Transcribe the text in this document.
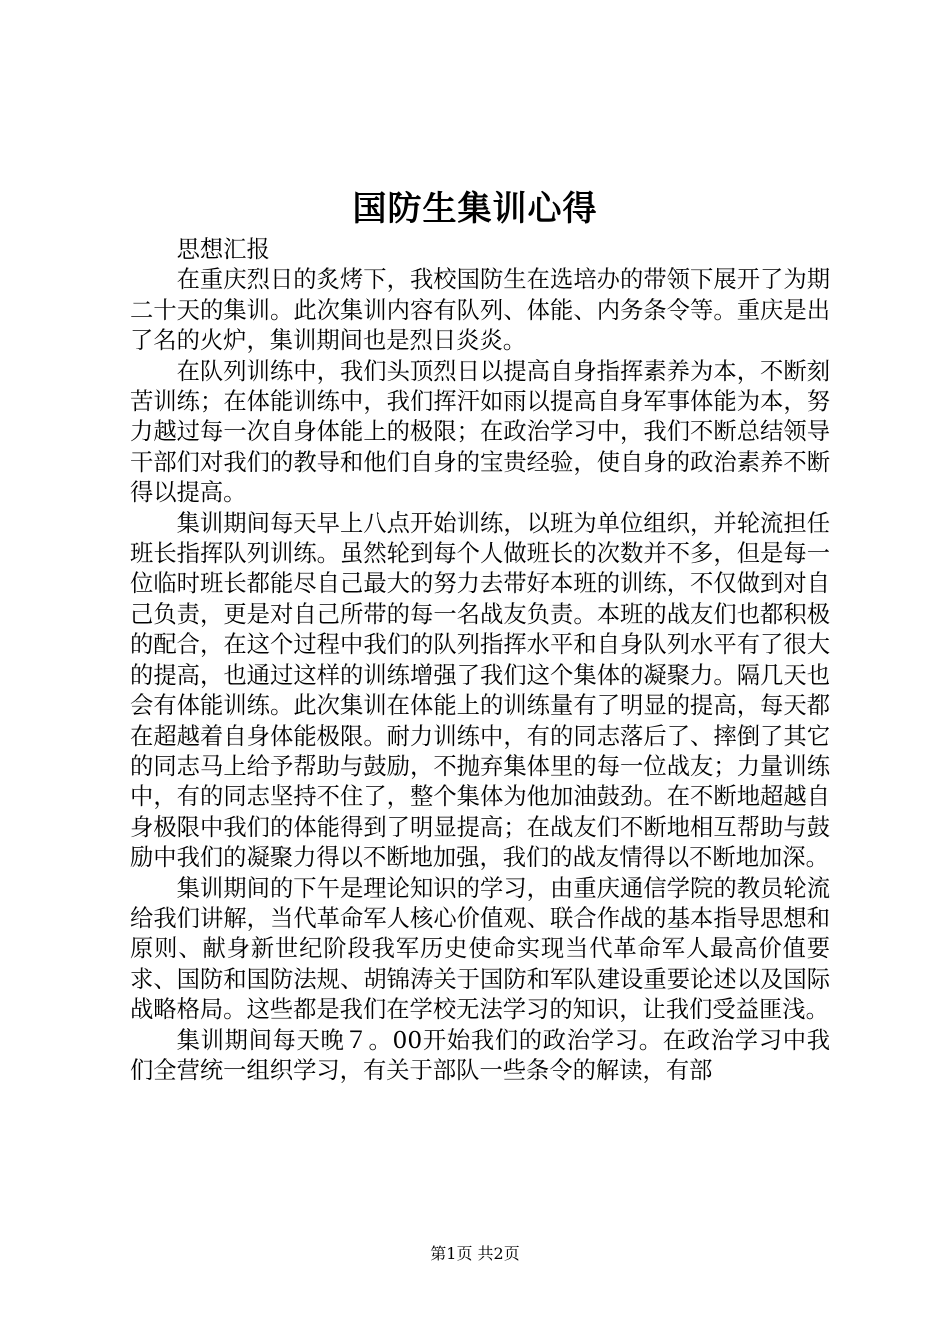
国防生集训心得

思想汇报

在重庆烈日的炙烤下，我校国防生在选培办的带领下展开了为期二十天的集训。此次集训内容有队列、体能、内务条令等。重庆是出了名的火炉，集训期间也是烈日炎炎。

在队列训练中，我们头顶烈日以提高自身指挥素养为本，不断刻苦训练；在体能训练中，我们挥汗如雨以提高自身军事体能为本，努力越过每一次自身体能上的极限；在政治学习中，我们不断总结领导干部们对我们的教导和他们自身的宝贵经验，使自身的政治素养不断得以提高。

集训期间每天早上八点开始训练，以班为单位组织，并轮流担任班长指挥队列训练。虽然轮到每个人做班长的次数并不多，但是每一位临时班长都能尽自己最大的努力去带好本班的训练，不仅做到对自己负责，更是对自己所带的每一名战友负责。本班的战友们也都积极的配合，在这个过程中我们的队列指挥水平和自身队列水平有了很大的提高，也通过这样的训练增强了我们这个集体的凝聚力。隔几天也会有体能训练。此次集训在体能上的训练量有了明显的提高，每天都在超越着自身体能极限。耐力训练中，有的同志落后了、摔倒了其它的同志马上给予帮助与鼓励，不抛弃集体里的每一位战友；力量训练中，有的同志坚持不住了，整个集体为他加油鼓劲。在不断地超越自身极限中我们的体能得到了明显提高；在战友们不断地相互帮助与鼓励中我们的凝聚力得以不断地加强，我们的战友情得以不断地加深。

集训期间的下午是理论知识的学习，由重庆通信学院的教员轮流给我们讲解，当代革命军人核心价值观、联合作战的基本指导思想和原则、献身新世纪阶段我军历史使命实现当代革命军人最高价值要求、国防和国防法规、胡锦涛关于国防和军队建设重要论述以及国际战略格局。这些都是我们在学校无法学习的知识，让我们受益匪浅。

集训期间每天晚７。00开始我们的政治学习。在政治学习中我们全营统一组织学习，有关于部队一些条令的解读，有部

第1页 共2页
